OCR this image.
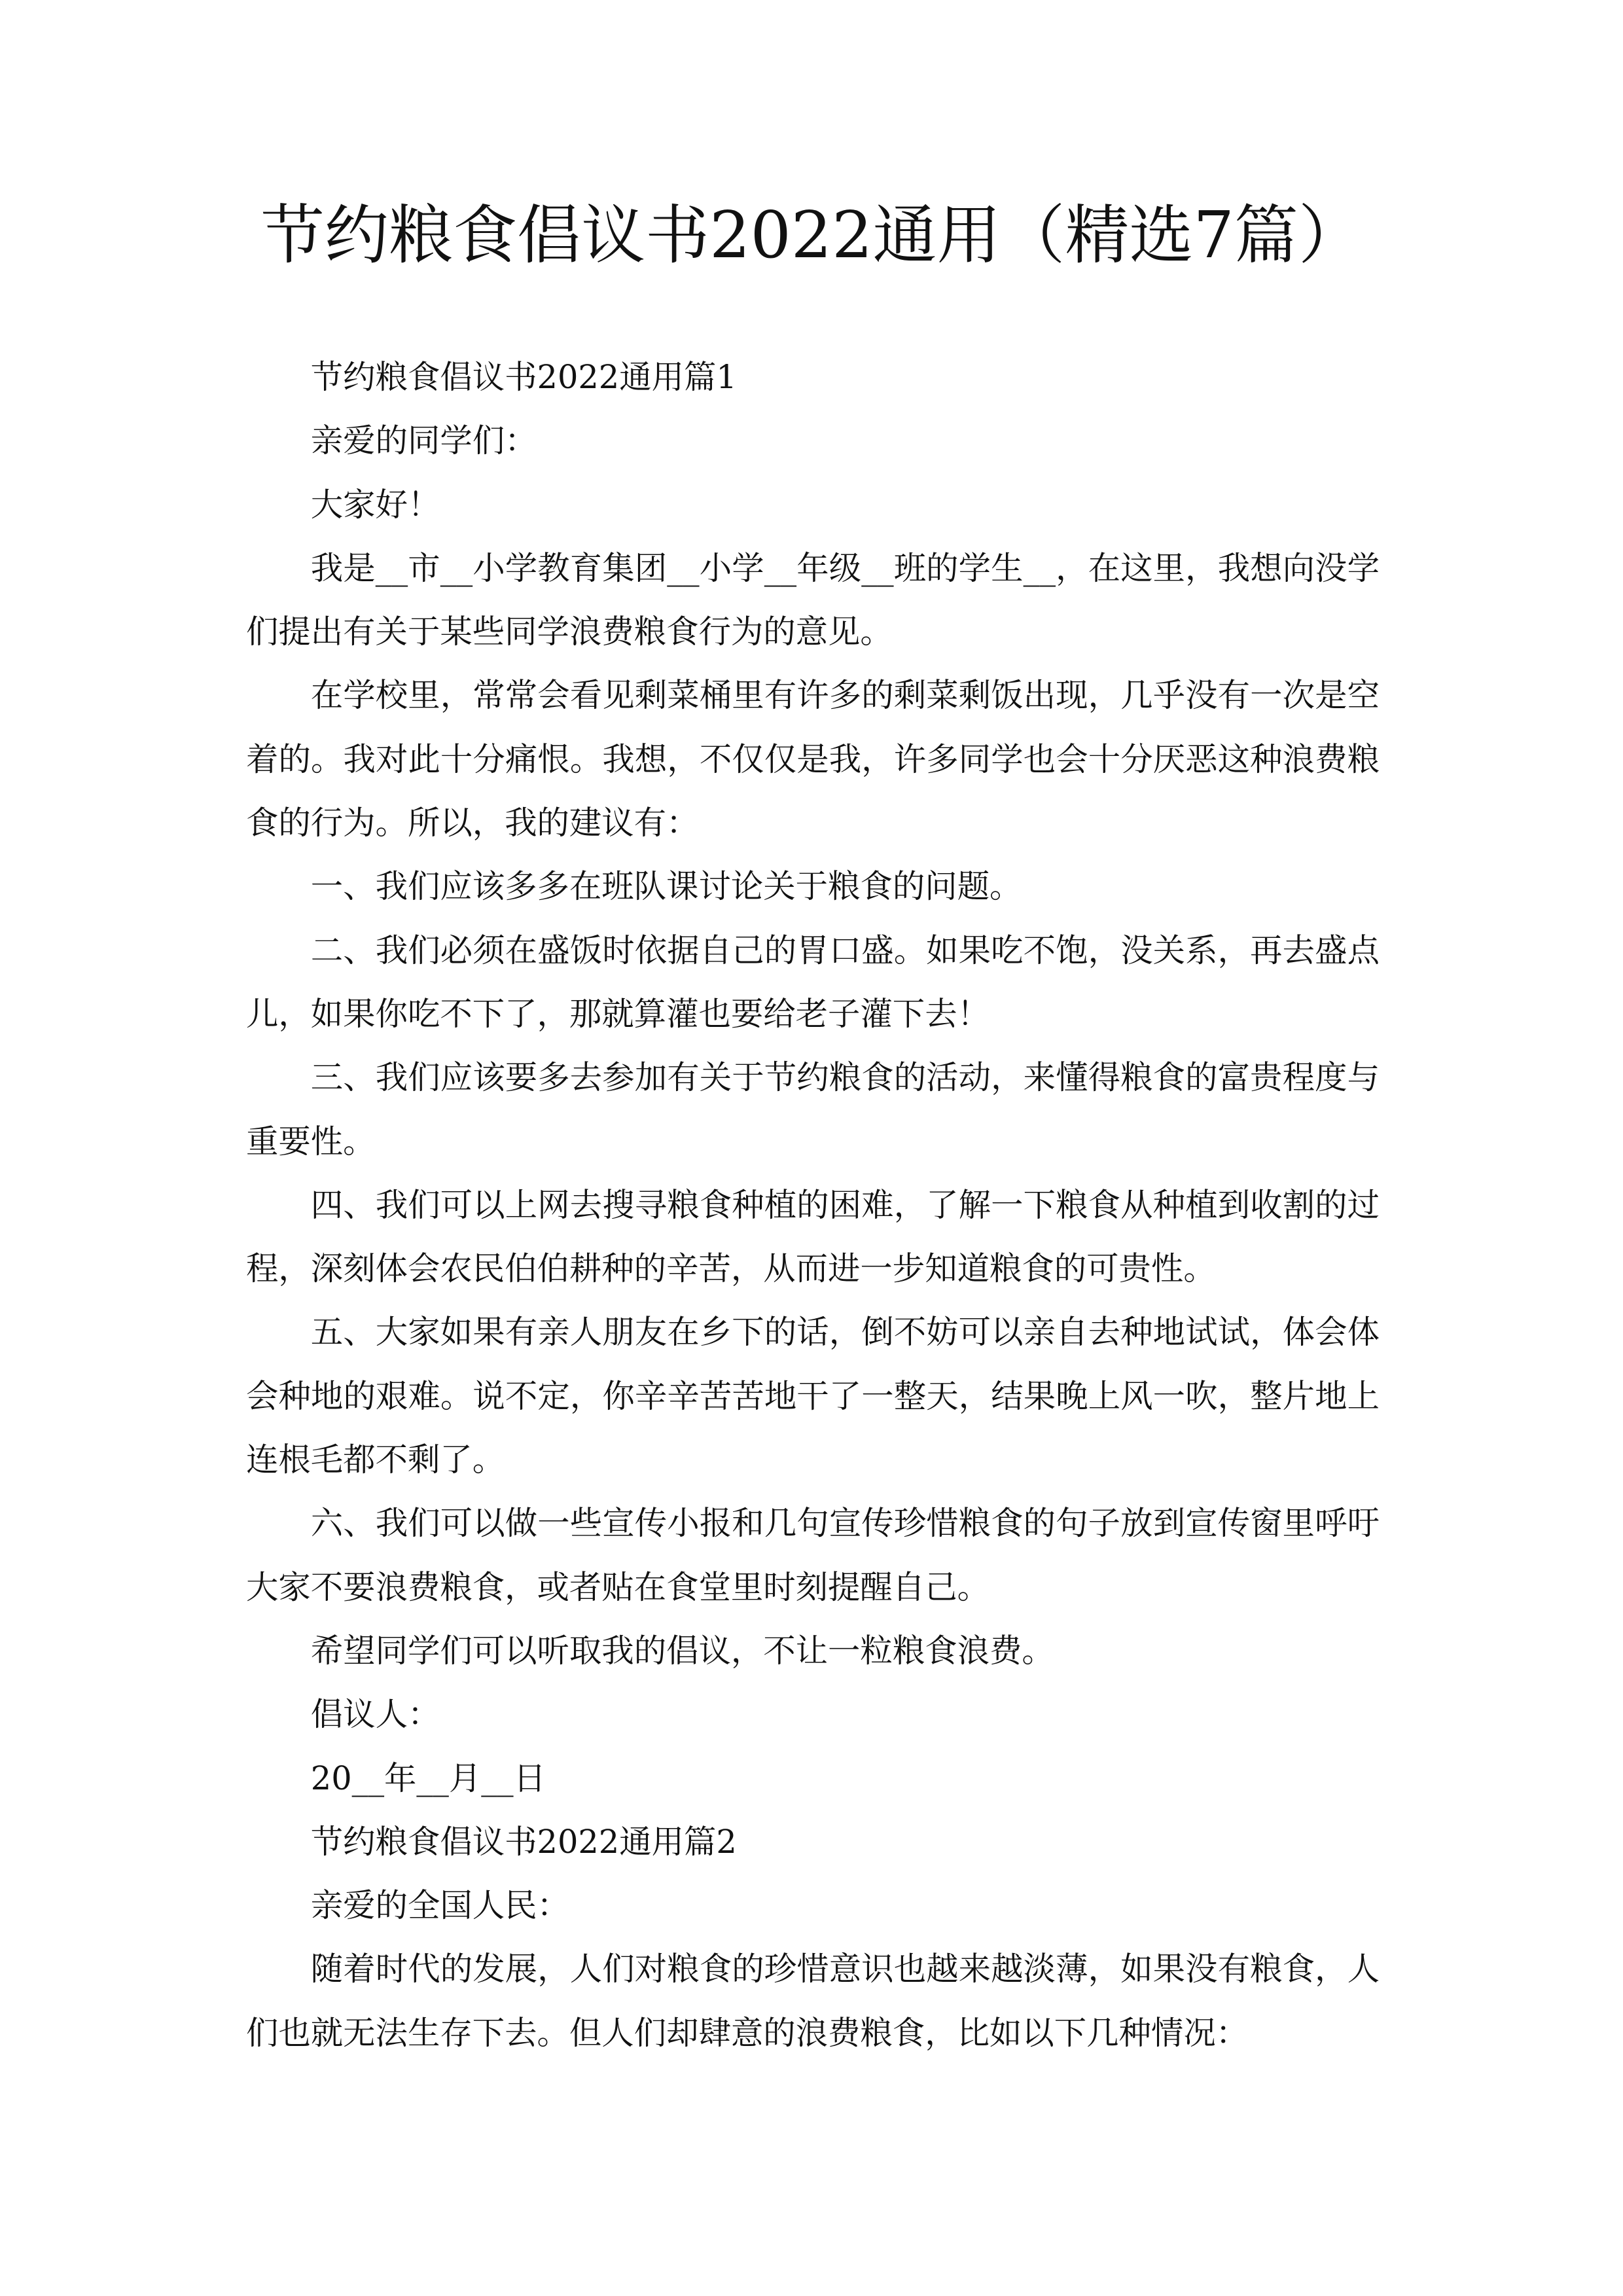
节约粮食倡议书2022通用（精选7篇）

节约粮食倡议书2022通用篇1

亲爱的同学们：

大家好！

我是__市__小学教育集团__小学__年级__班的学生__，在这里，我想向没学们提出有关于某些同学浪费粮食行为的意见。

在学校里，常常会看见剩菜桶里有许多的剩菜剩饭出现，几乎没有一次是空着的。我对此十分痛恨。我想，不仅仅是我，许多同学也会十分厌恶这种浪费粮食的行为。所以，我的建议有：

一、我们应该多多在班队课讨论关于粮食的问题。

二、我们必须在盛饭时依据自己的胃口盛。如果吃不饱，没关系，再去盛点儿，如果你吃不下了，那就算灌也要给老子灌下去！

三、我们应该要多去参加有关于节约粮食的活动，来懂得粮食的富贵程度与重要性。

四、我们可以上网去搜寻粮食种植的困难，了解一下粮食从种植到收割的过程，深刻体会农民伯伯耕种的辛苦，从而进一步知道粮食的可贵性。

五、大家如果有亲人朋友在乡下的话，倒不妨可以亲自去种地试试，体会体会种地的艰难。说不定，你辛辛苦苦地干了一整天，结果晚上风一吹，整片地上连根毛都不剩了。

六、我们可以做一些宣传小报和几句宣传珍惜粮食的句子放到宣传窗里呼吁大家不要浪费粮食，或者贴在食堂里时刻提醒自己。

希望同学们可以听取我的倡议，不让一粒粮食浪费。

倡议人：

20__年__月__日

节约粮食倡议书2022通用篇2

亲爱的全国人民：

随着时代的发展，人们对粮食的珍惜意识也越来越淡薄，如果没有粮食，人们也就无法生存下去。但人们却肆意的浪费粮食，比如以下几种情况：
